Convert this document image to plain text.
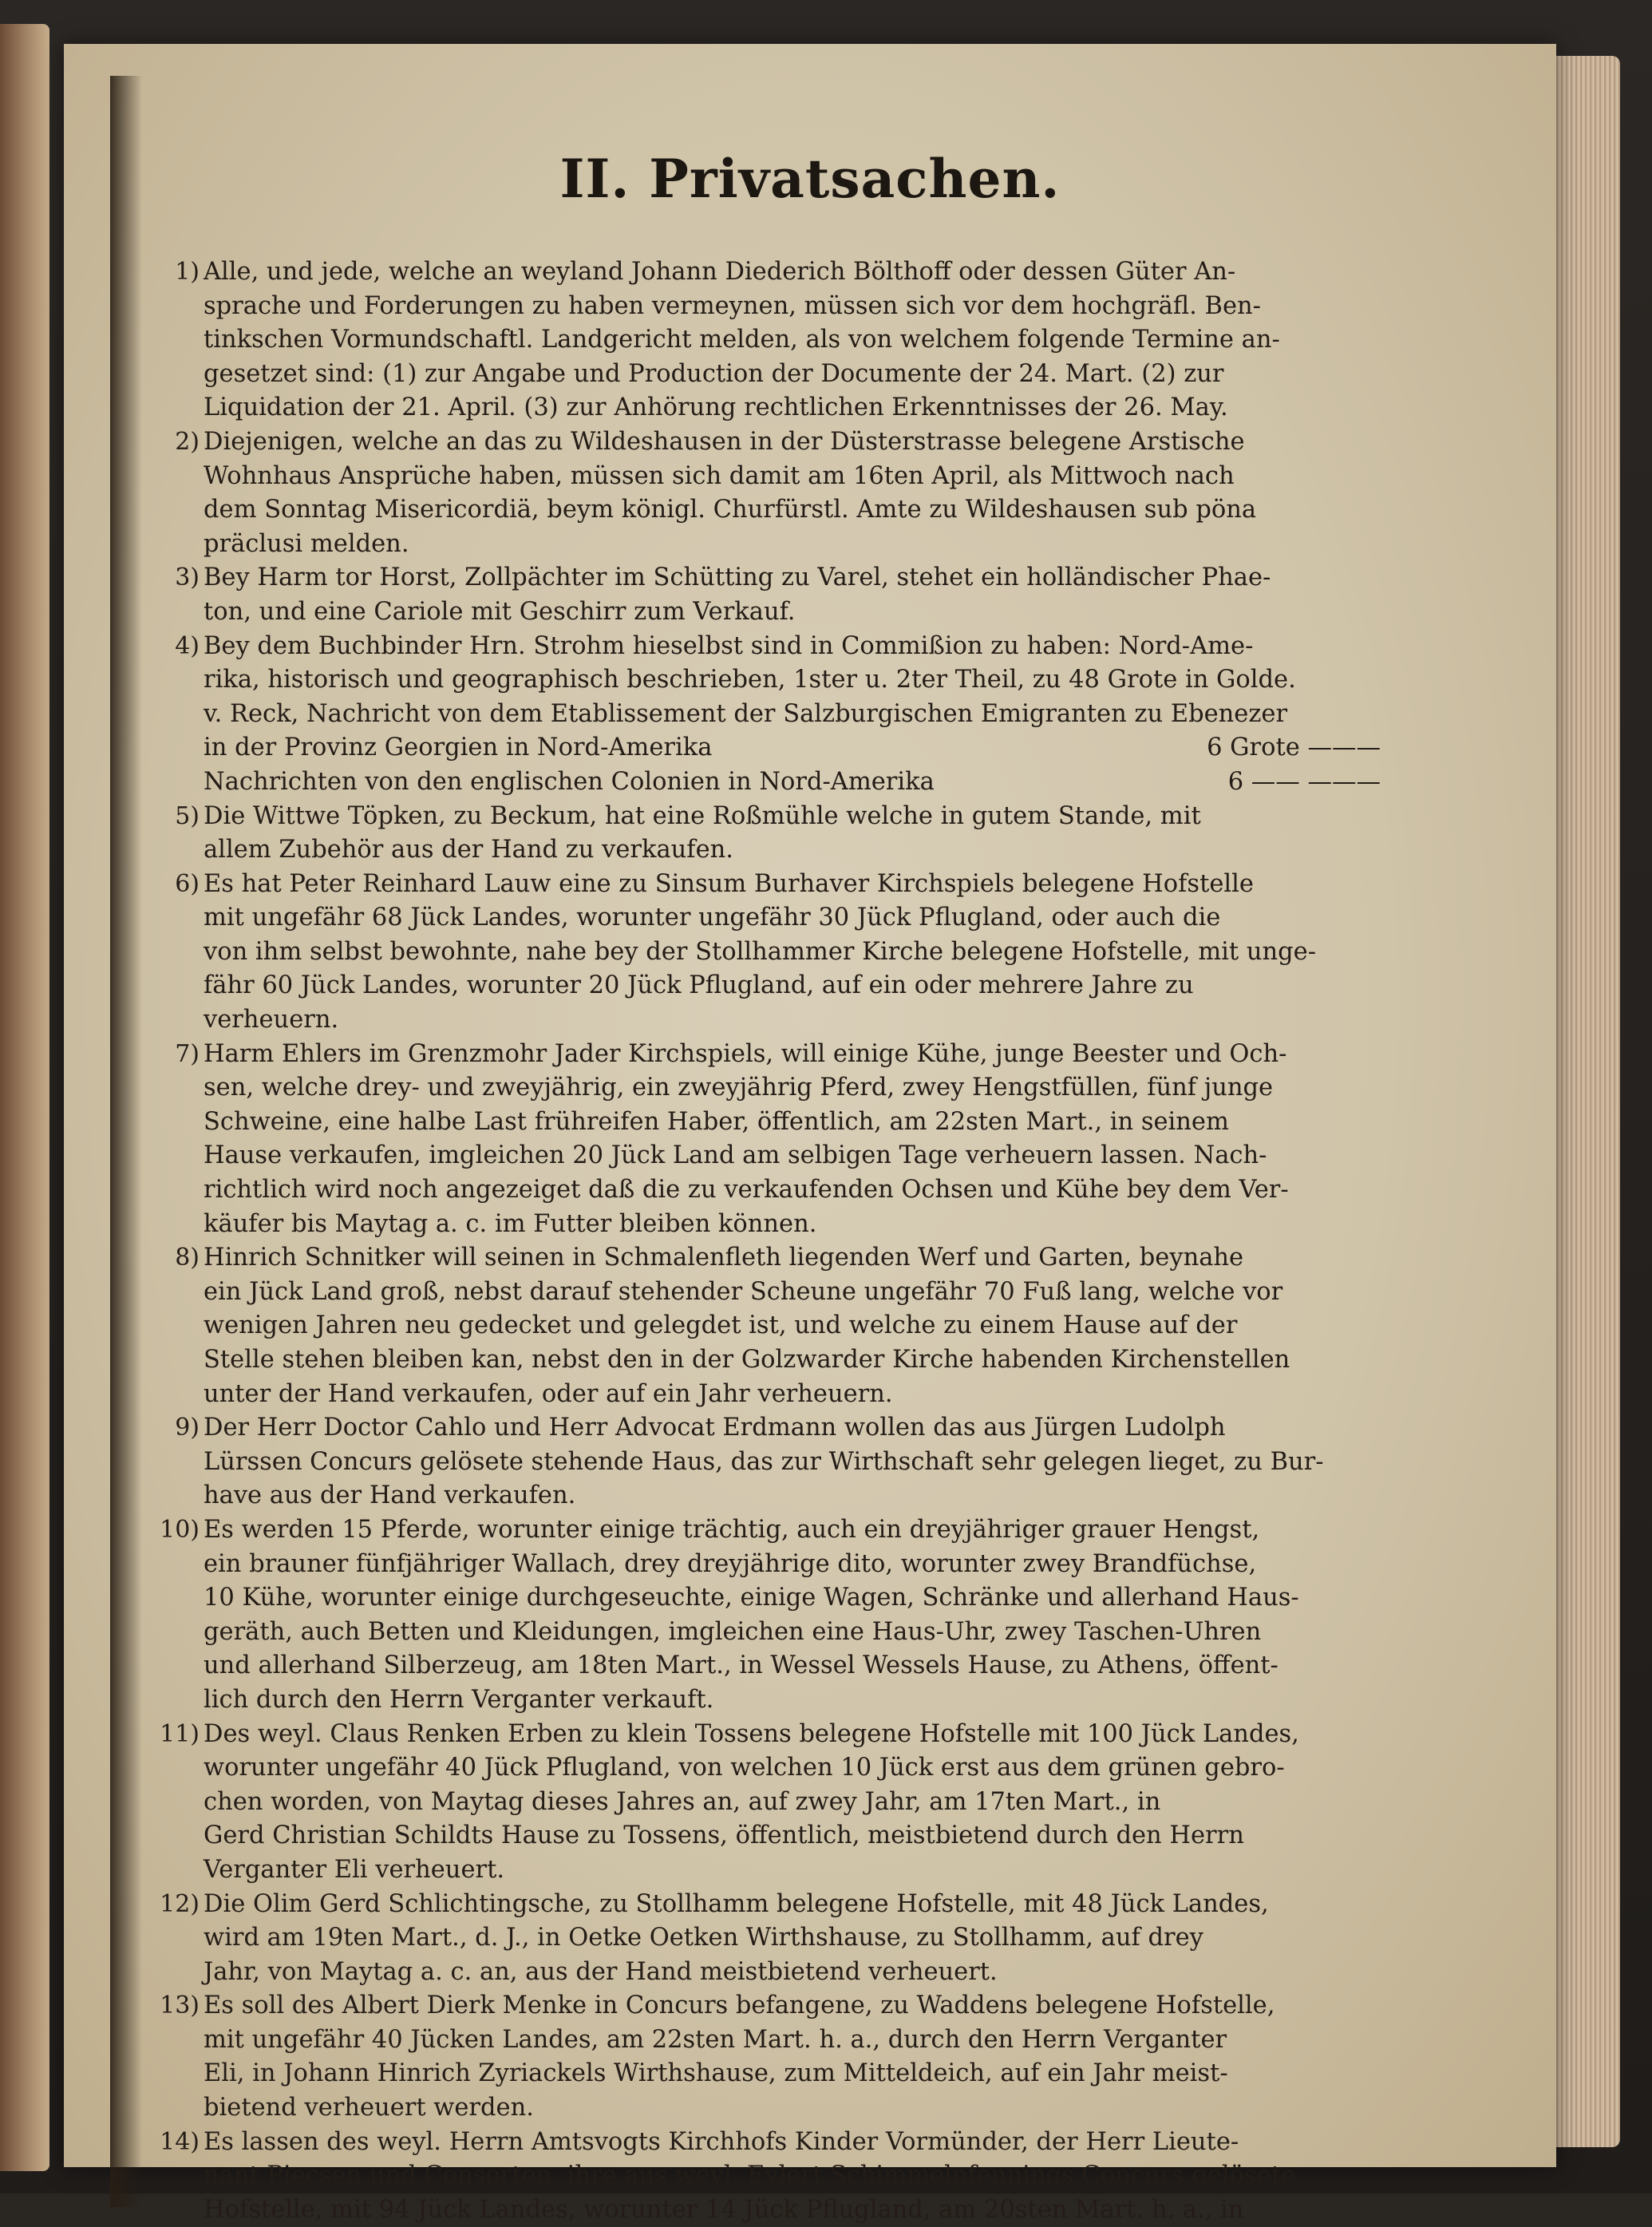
II. Privatsachen.
1) Alle, und jede, welche an weyland Johann Diederich Bölthoff oder dessen Güter An-
sprache und Forderungen zu haben vermeynen, müssen sich vor dem hochgräfl. Ben-
tinkschen Vormundschaftl. Landgericht melden, als von welchem folgende Termine an-
gesetzet sind: (1) zur Angabe und Production der Documente der 24. Mart. (2) zur
Liquidation der 21. April. (3) zur Anhörung rechtlichen Erkenntnisses der 26. May.
2) Diejenigen, welche an das zu Wildeshausen in der Düsterstrasse belegene Arstische
Wohnhaus Ansprüche haben, müssen sich damit am 16ten April, als Mittwoch nach
dem Sonntag Misericordiä, beym königl. Churfürstl. Amte zu Wildeshausen sub pöna
präclusi melden.
3) Bey Harm tor Horst, Zollpächter im Schütting zu Varel, stehet ein holländischer Phae-
ton, und eine Cariole mit Geschirr zum Verkauf.
4) Bey dem Buchbinder Hrn. Strohm hieselbst sind in Commißion zu haben: Nord-Ame-
rika, historisch und geographisch beschrieben, 1ster u. 2ter Theil, zu 48 Grote in Golde.
v. Reck, Nachricht von dem Etablissement der Salzburgischen Emigranten zu Ebenezer
in der Provinz Georgien in Nord-Amerika	6 Grote ———
Nachrichten von den englischen Colonien in Nord-Amerika	6 —— ———
5) Die Wittwe Töpken, zu Beckum, hat eine Roßmühle welche in gutem Stande, mit
allem Zubehör aus der Hand zu verkaufen.
6) Es hat Peter Reinhard Lauw eine zu Sinsum Burhaver Kirchspiels belegene Hofstelle
mit ungefähr 68 Jück Landes, worunter ungefähr 30 Jück Pflugland, oder auch die
von ihm selbst bewohnte, nahe bey der Stollhammer Kirche belegene Hofstelle, mit unge-
fähr 60 Jück Landes, worunter 20 Jück Pflugland, auf ein oder mehrere Jahre zu
verheuern.
7) Harm Ehlers im Grenzmohr Jader Kirchspiels, will einige Kühe, junge Beester und Och-
sen, welche drey- und zweyjährig, ein zweyjährig Pferd, zwey Hengstfüllen, fünf junge
Schweine, eine halbe Last frühreifen Haber, öffentlich, am 22sten Mart., in seinem
Hause verkaufen, imgleichen 20 Jück Land am selbigen Tage verheuern lassen. Nach-
richtlich wird noch angezeiget daß die zu verkaufenden Ochsen und Kühe bey dem Ver-
käufer bis Maytag a. c. im Futter bleiben können.
8) Hinrich Schnitker will seinen in Schmalenfleth liegenden Werf und Garten, beynahe
ein Jück Land groß, nebst darauf stehender Scheune ungefähr 70 Fuß lang, welche vor
wenigen Jahren neu gedecket und gelegdet ist, und welche zu einem Hause auf der
Stelle stehen bleiben kan, nebst den in der Golzwarder Kirche habenden Kirchenstellen
unter der Hand verkaufen, oder auf ein Jahr verheuern.
9) Der Herr Doctor Cahlo und Herr Advocat Erdmann wollen das aus Jürgen Ludolph
Lürssen Concurs gelösete stehende Haus, das zur Wirthschaft sehr gelegen lieget, zu Bur-
have aus der Hand verkaufen.
10) Es werden 15 Pferde, worunter einige trächtig, auch ein dreyjähriger grauer Hengst,
ein brauner fünfjähriger Wallach, drey dreyjährige dito, worunter zwey Brandfüchse,
10 Kühe, worunter einige durchgeseuchte, einige Wagen, Schränke und allerhand Haus-
geräth, auch Betten und Kleidungen, imgleichen eine Haus-Uhr, zwey Taschen-Uhren
und allerhand Silberzeug, am 18ten Mart., in Wessel Wessels Hause, zu Athens, öffent-
lich durch den Herrn Verganter verkauft.
11) Des weyl. Claus Renken Erben zu klein Tossens belegene Hofstelle mit 100 Jück Landes,
worunter ungefähr 40 Jück Pflugland, von welchen 10 Jück erst aus dem grünen gebro-
chen worden, von Maytag dieses Jahres an, auf zwey Jahr, am 17ten Mart., in
Gerd Christian Schildts Hause zu Tossens, öffentlich, meistbietend durch den Herrn
Verganter Eli verheuert.
12) Die Olim Gerd Schlichtingsche, zu Stollhamm belegene Hofstelle, mit 48 Jück Landes,
wird am 19ten Mart., d. J., in Oetke Oetken Wirthshause, zu Stollhamm, auf drey
Jahr, von Maytag a. c. an, aus der Hand meistbietend verheuert.
13) Es soll des Albert Dierk Menke in Concurs befangene, zu Waddens belegene Hofstelle,
mit ungefähr 40 Jücken Landes, am 22sten Mart. h. a., durch den Herrn Verganter
Eli, in Johann Hinrich Zyriackels Wirthshause, zum Mitteldeich, auf ein Jahr meist-
bietend verheuert werden.
14) Es lassen des weyl. Herrn Amtsvogts Kirchhofs Kinder Vormünder, der Herr Lieute-
nant Piecsen und Consorten, ihre aus weyl. Eylert Schimmelpfennings Concurs gelösete
Hofstelle, mit 94 Jück Landes, worunter 14 Jück Pflugland, am 20sten Mart. h. a., in
